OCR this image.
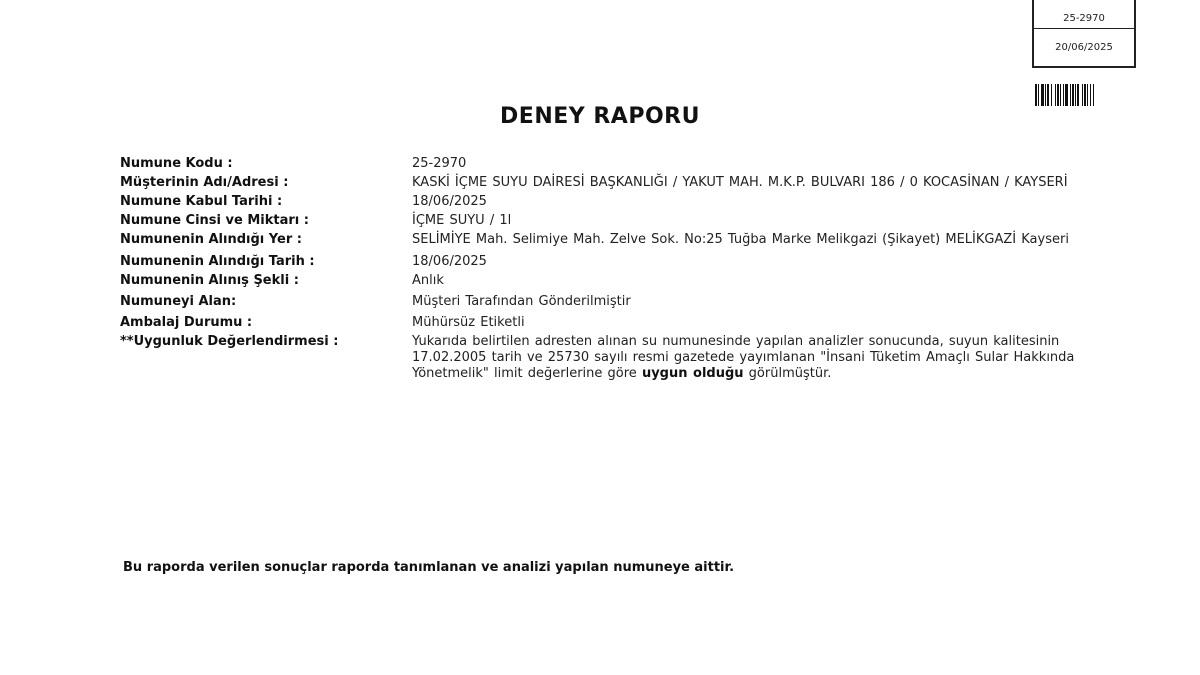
25-2970
20/06/2025
DENEY RAPORU
Numune Kodu :	25-2970
Müşterinin Adı/Adresi :	KASKİ İÇME SUYU DAİRESİ BAŞKANLIĞI / YAKUT MAH. M.K.P. BULVARI 186 / 0 KOCASİNAN / KAYSERİ
Numune Kabul Tarihi :	18/06/2025
Numune Cinsi ve Miktarı :	İÇME SUYU / 1l
Numunenin Alındığı Yer :	SELİMİYE Mah. Selimiye Mah. Zelve Sok. No:25 Tuğba Marke Melikgazi (Şikayet) MELİKGAZİ Kayseri
Numunenin Alındığı Tarih :	18/06/2025
Numunenin Alınış Şekli :	Anlık
Numuneyi Alan:	Müşteri Tarafından Gönderilmiştir
Ambalaj Durumu :	Mühürsüz Etiketli
**Uygunluk Değerlendirmesi :	Yukarıda belirtilen adresten alınan su numunesinde yapılan analizler sonucunda, suyun kalitesinin 17.02.2005 tarih ve 25730 sayılı resmi gazetede yayımlanan "İnsani Tüketim Amaçlı Sular Hakkında Yönetmelik" limit değerlerine göre uygun olduğu görülmüştür.
Bu raporda verilen sonuçlar raporda tanımlanan ve analizi yapılan numuneye aittir.
